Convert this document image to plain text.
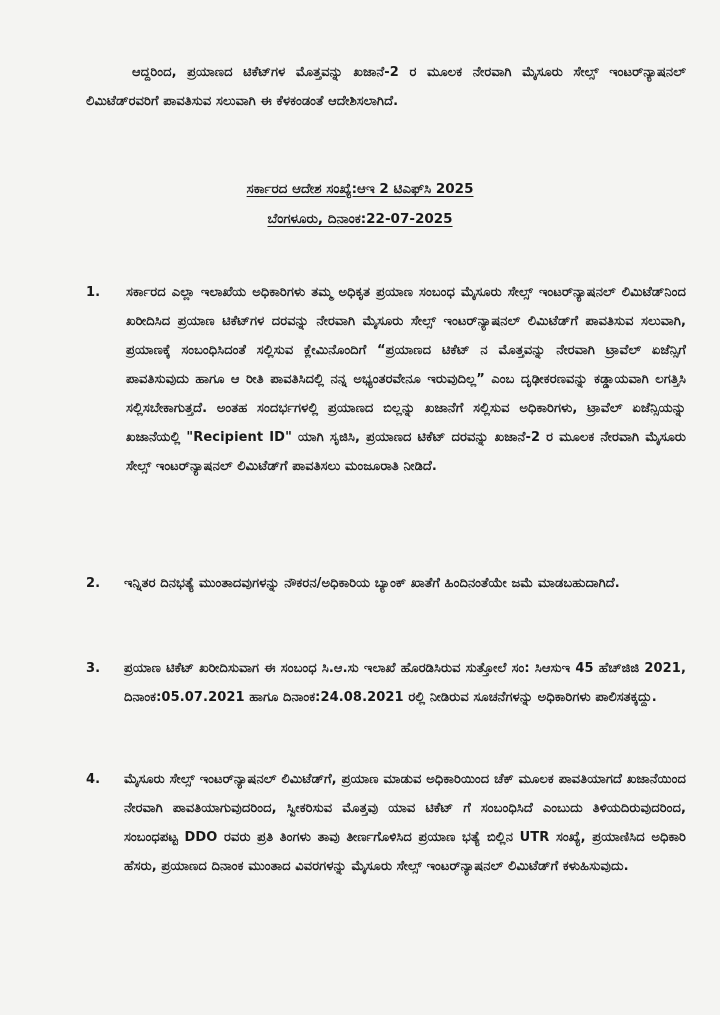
ಆದ್ದರಿಂದ, ಪ್ರಯಾಣದ ಟಿಕೆಟ್‌ಗಳ ಮೊತ್ತವನ್ನು ಖಜಾನೆ-2 ರ ಮೂಲಕ ನೇರವಾಗಿ ಮೈಸೂರು ಸೇಲ್ಸ್ ಇಂಟರ್‌ನ್ಯಾಷನಲ್ ಲಿಮಿಟೆಡ್‌ರವರಿಗೆ ಪಾವತಿಸುವ ಸಲುವಾಗಿ ಈ ಕೆಳಕಂಡಂತೆ ಆದೇಶಿಸಲಾಗಿದೆ.
ಸರ್ಕಾರದ ಆದೇಶ ಸಂಖ್ಯೆ:ಆಇ 2 ಟಿಎಫ್‌ಸಿ 2025
ಬೆಂಗಳೂರು, ದಿನಾಂಕ:22-07-2025
1.	ಸರ್ಕಾರದ ಎಲ್ಲಾ ಇಲಾಖೆಯ ಅಧಿಕಾರಿಗಳು ತಮ್ಮ ಅಧಿಕೃತ ಪ್ರಯಾಣ ಸಂಬಂಧ ಮೈಸೂರು ಸೇಲ್ಸ್ ಇಂಟರ್‌ನ್ಯಾಷನಲ್ ಲಿಮಿಟೆಡ್‌ನಿಂದ ಖರೀದಿಸಿದ ಪ್ರಯಾಣ ಟಿಕೆಟ್‌ಗಳ ದರವನ್ನು ನೇರವಾಗಿ ಮೈಸೂರು ಸೇಲ್ಸ್ ಇಂಟರ್‌ನ್ಯಾಷನಲ್ ಲಿಮಿಟೆಡ್‌ಗೆ ಪಾವತಿಸುವ ಸಲುವಾಗಿ, ಪ್ರಯಾಣಕ್ಕೆ ಸಂಬಂಧಿಸಿದಂತೆ ಸಲ್ಲಿಸುವ ಕ್ಲೇಮಿನೊಂದಿಗೆ “ಪ್ರಯಾಣದ ಟಿಕೆಟ್ ನ ಮೊತ್ತವನ್ನು ನೇರವಾಗಿ ಟ್ರಾವೆಲ್ ಏಜೆನ್ಸಿಗೆ ಪಾವತಿಸುವುದು ಹಾಗೂ ಆ ರೀತಿ ಪಾವತಿಸಿದಲ್ಲಿ ನನ್ನ ಅಭ್ಯಂತರವೇನೂ ಇರುವುದಿಲ್ಲ” ಎಂಬ ದೃಢೀಕರಣವನ್ನು ಕಡ್ಡಾಯವಾಗಿ ಲಗತ್ತಿಸಿ ಸಲ್ಲಿಸಬೇಕಾಗುತ್ತದೆ. ಅಂತಹ ಸಂದರ್ಭಗಳಲ್ಲಿ ಪ್ರಯಾಣದ ಬಿಲ್ಲನ್ನು ಖಜಾನೆಗೆ ಸಲ್ಲಿಸುವ ಅಧಿಕಾರಿಗಳು, ಟ್ರಾವೆಲ್ ಏಜೆನ್ಸಿಯನ್ನು ಖಜಾನೆಯಲ್ಲಿ "Recipient ID" ಯಾಗಿ ಸೃಜಿಸಿ, ಪ್ರಯಾಣದ ಟಿಕೆಟ್ ದರವನ್ನು ಖಜಾನೆ-2 ರ ಮೂಲಕ ನೇರವಾಗಿ ಮೈಸೂರು ಸೇಲ್ಸ್ ಇಂಟರ್‌ನ್ಯಾಷನಲ್ ಲಿಮಿಟೆಡ್‌ಗೆ ಪಾವತಿಸಲು ಮಂಜೂರಾತಿ ನೀಡಿದೆ.
2.	ಇನ್ನಿತರ ದಿನಭತ್ಯೆ ಮುಂತಾದವುಗಳನ್ನು ನೌಕರನ/ಅಧಿಕಾರಿಯ ಬ್ಯಾಂಕ್ ಖಾತೆಗೆ ಹಿಂದಿನಂತೆಯೇ ಜಮೆ ಮಾಡಬಹುದಾಗಿದೆ.
3.	ಪ್ರಯಾಣ ಟಿಕೆಟ್ ಖರೀದಿಸುವಾಗ ಈ ಸಂಬಂಧ ಸಿ.ಆ.ಸು ಇಲಾಖೆ ಹೊರಡಿಸಿರುವ ಸುತ್ತೋಲೆ ಸಂ: ಸಿಆಸುಇ 45 ಹೆಚ್‌ಜಿಜಿ 2021, ದಿನಾಂಕ:05.07.2021 ಹಾಗೂ ದಿನಾಂಕ:24.08.2021 ರಲ್ಲಿ ನೀಡಿರುವ ಸೂಚನೆಗಳನ್ನು ಅಧಿಕಾರಿಗಳು ಪಾಲಿಸತಕ್ಕದ್ದು.
4.	ಮೈಸೂರು ಸೇಲ್ಸ್ ಇಂಟರ್‌ನ್ಯಾಷನಲ್ ಲಿಮಿಟೆಡ್‌ಗೆ, ಪ್ರಯಾಣ ಮಾಡುವ ಅಧಿಕಾರಿಯಿಂದ ಚೆಕ್ ಮೂಲಕ ಪಾವತಿಯಾಗದೆ ಖಜಾನೆಯಿಂದ ನೇರವಾಗಿ ಪಾವತಿಯಾಗುವುದರಿಂದ, ಸ್ವೀಕರಿಸುವ ಮೊತ್ತವು ಯಾವ ಟಿಕೆಟ್ ಗೆ ಸಂಬಂಧಿಸಿದೆ ಎಂಬುದು ತಿಳಿಯದಿರುವುದರಿಂದ, ಸಂಬಂಧಪಟ್ಟ DDO ರವರು ಪ್ರತಿ ತಿಂಗಳು ತಾವು ತೀರ್ಣಗೊಳಿಸಿದ ಪ್ರಯಾಣ ಭತ್ಯೆ ಬಿಲ್ಲಿನ UTR ಸಂಖ್ಯೆ, ಪ್ರಯಾಣಿಸಿದ ಅಧಿಕಾರಿ ಹೆಸರು, ಪ್ರಯಾಣದ ದಿನಾಂಕ ಮುಂತಾದ ವಿವರಗಳನ್ನು ಮೈಸೂರು ಸೇಲ್ಸ್ ಇಂಟರ್‌ನ್ಯಾಷನಲ್ ಲಿಮಿಟೆಡ್‌ಗೆ ಕಳುಹಿಸುವುದು.
